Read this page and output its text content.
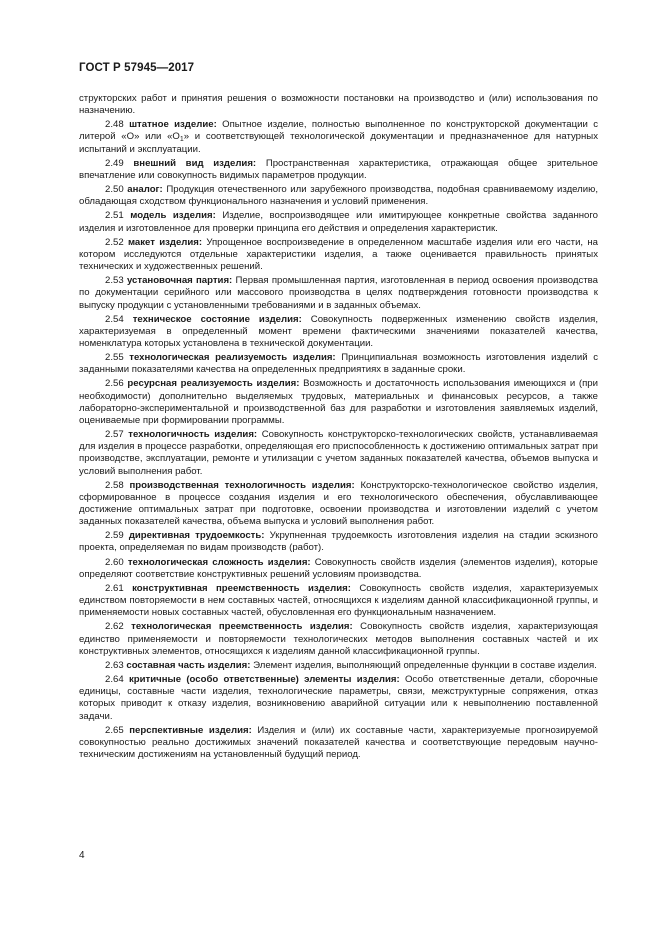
ГОСТ Р 57945—2017

структорских работ и принятия решения о возможности постановки на производство и (или) использования по назначению.

2.48 штатное изделие: Опытное изделие, полностью выполненное по конструкторской документации с литерой «О» или «$О_1$» и соответствующей технологической документации и предназначенное для натурных испытаний и эксплуатации.

2.49 внешний вид изделия: Пространственная характеристика, отражающая общее зрительное впечатление или совокупность видимых параметров продукции.

2.50 аналог: Продукция отечественного или зарубежного производства, подобная сравниваемому изделию, обладающая сходством функционального назначения и условий применения.

2.51 модель изделия: Изделие, воспроизводящее или имитирующее конкретные свойства заданного изделия и изготовленное для проверки принципа его действия и определения характеристик.

2.52 макет изделия: Упрощенное воспроизведение в определенном масштабе изделия или его части, на котором исследуются отдельные характеристики изделия, а также оценивается правильность принятых технических и художественных решений.

2.53 установочная партия: Первая промышленная партия, изготовленная в период освоения производства по документации серийного или массового производства в целях подтверждения готовности производства к выпуску продукции с установленными требованиями и в заданных объемах.

2.54 техническое состояние изделия: Совокупность подверженных изменению свойств изделия, характеризуемая в определенный момент времени фактическими значениями показателей качества, номенклатура которых установлена в технической документации.

2.55 технологическая реализуемость изделия: Принципиальная возможность изготовления изделий с заданными показателями качества на определенных предприятиях в заданные сроки.

2.56 ресурсная реализуемость изделия: Возможность и достаточность использования имеющихся и (при необходимости) дополнительно выделяемых трудовых, материальных и финансовых ресурсов, а также лабораторно-экспериментальной и производственной баз для разработки и изготовления заявляемых изделий, оцениваемые при формировании программы.

2.57 технологичность изделия: Совокупность конструкторско-технологических свойств, устанавливаемая для изделия в процессе разработки, определяющая его приспособленность к достижению оптимальных затрат при производстве, эксплуатации, ремонте и утилизации с учетом заданных показателей качества, объемов выпуска и условий выполнения работ.

2.58 производственная технологичность изделия: Конструкторско-технологическое свойство изделия, сформированное в процессе создания изделия и его технологического обеспечения, обуславливающее достижение оптимальных затрат при подготовке, освоении производства и изготовлении изделий с учетом заданных показателей качества, объема выпуска и условий выполнения работ.

2.59 директивная трудоемкость: Укрупненная трудоемкость изготовления изделия на стадии эскизного проекта, определяемая по видам производств (работ).

2.60 технологическая сложность изделия: Совокупность свойств изделия (элементов изделия), которые определяют соответствие конструктивных решений условиям производства.

2.61 конструктивная преемственность изделия: Совокупность свойств изделия, характеризуемых единством повторяемости в нем составных частей, относящихся к изделиям данной классификационной группы, и применяемости новых составных частей, обусловленная его функциональным назначением.

2.62 технологическая преемственность изделия: Совокупность свойств изделия, характеризующая единство применяемости и повторяемости технологических методов выполнения составных частей и их конструктивных элементов, относящихся к изделиям данной классификационной группы.

2.63 составная часть изделия: Элемент изделия, выполняющий определенные функции в составе изделия.

2.64 критичные (особо ответственные) элементы изделия: Особо ответственные детали, сборочные единицы, составные части изделия, технологические параметры, связи, межструктурные сопряжения, отказ которых приводит к отказу изделия, возникновению аварийной ситуации или к невыполнению поставленной задачи.

2.65 перспективные изделия: Изделия и (или) их составные части, характеризуемые прогнозируемой совокупностью реально достижимых значений показателей качества и соответствующие передовым научно-техническим достижениям на установленный будущий период.

4
